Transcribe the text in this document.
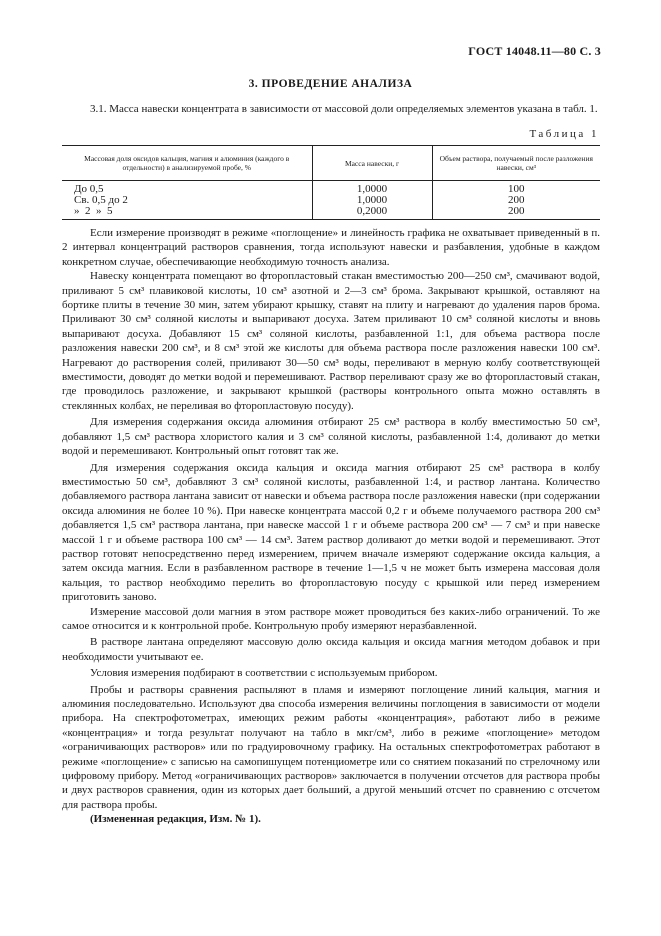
ГОСТ 14048.11—80 С. 3
3. ПРОВЕДЕНИЕ АНАЛИЗА

3.1. Масса навески концентрата в зависимости от массовой доли определяемых элементов указана в табл. 1.

Таблица 1
Массовая доля оксидов кальция, магния и алюминия (каждого в отдельности) в анализируемой пробе, %	Масса навески, г	Объем раствора, получаемый после разложения навески, см³
До 0,5	1,0000	100
Св. 0,5 до 2	1,0000	200
»  2  »  5	0,2000	200

Если измерение производят в режиме «поглощение» и линейность графика не охватывает приведенный в п. 2 интервал концентраций растворов сравнения, тогда используют навески и разбавления, удобные в каждом конкретном случае, обеспечивающие необходимую точность анализа.

Навеску концентрата помещают во фторопластовый стакан вместимостью 200—250 см³, смачивают водой, приливают 5 см³ плавиковой кислоты, 10 см³ азотной и 2—3 см³ брома. Закрывают крышкой, оставляют на бортике плиты в течение 30 мин, затем убирают крышку, ставят на плиту и нагревают до удаления паров брома. Приливают 30 см³ соляной кислоты и выпаривают досуха. Затем приливают 10 см³ соляной кислоты и вновь выпаривают досуха. Добавляют 15 см³ соляной кислоты, разбавленной 1:1, для объема раствора после разложения навески 200 см³, и 8 см³ этой же кислоты для объема раствора после разложения навески 100 см³. Нагревают до растворения солей, приливают 30—50 см³ воды, переливают в мерную колбу соответствующей вместимости, доводят до метки водой и перемешивают. Раствор переливают сразу же во фторопластовый стакан, где проводилось разложение, и закрывают крышкой (растворы контрольного опыта можно оставлять в стеклянных колбах, не переливая во фторопластовую посуду).

Для измерения содержания оксида алюминия отбирают 25 см³ раствора в колбу вместимостью 50 см³, добавляют 1,5 см³ раствора хлористого калия и 3 см³ соляной кислоты, разбавленной 1:4, доливают до метки водой и перемешивают. Контрольный опыт готовят так же.

Для измерения содержания оксида кальция и оксида магния отбирают 25 см³ раствора в колбу вместимостью 50 см³, добавляют 3 см³ соляной кислоты, разбавленной 1:4, и раствор лантана. Количество добавляемого раствора лантана зависит от навески и объема раствора после разложения навески (при содержании оксида алюминия не более 10 %). При навеске концентрата массой 0,2 г и объеме получаемого раствора 200 см³ добавляется 1,5 см³ раствора лантана, при навеске массой 1 г и объеме раствора 200 см³ — 7 см³ и при навеске массой 1 г и объеме раствора 100 см³ — 14 см³. Затем раствор доливают до метки водой и перемешивают. Этот раствор готовят непосредственно перед измерением, причем вначале измеряют содержание оксида кальция, а затем оксида магния. Если в разбавленном растворе в течение 1—1,5 ч не может быть измерена массовая доля кальция, то раствор необходимо перелить во фторопластовую посуду с крышкой или перед измерением приготовить заново.

Измерение массовой доли магния в этом растворе может проводиться без каких-либо ограничений. То же самое относится и к контрольной пробе. Контрольную пробу измеряют неразбавленной.

В растворе лантана определяют массовую долю оксида кальция и оксида магния методом добавок и при необходимости учитывают ее.

Условия измерения подбирают в соответствии с используемым прибором.

Пробы и растворы сравнения распыляют в пламя и измеряют поглощение линий кальция, магния и алюминия последовательно. Используют два способа измерения величины поглощения в зависимости от модели прибора. На спектрофотометрах, имеющих режим работы «концентрация», работают либо в режиме «концентрация» и тогда результат получают на табло в мкг/см³, либо в режиме «поглощение» методом «ограничивающих растворов» или по градуировочному графику. На остальных спектрофотометрах работают в режиме «поглощение» с записью на самопишущем потенциометре или со снятием показаний по стрелочному или цифровому прибору. Метод «ограничивающих растворов» заключается в получении отсчетов для раствора пробы и двух растворов сравнения, один из которых дает больший, а другой меньший отсчет по сравнению с отсчетом для раствора пробы.

(Измененная редакция, Изм. № 1).
